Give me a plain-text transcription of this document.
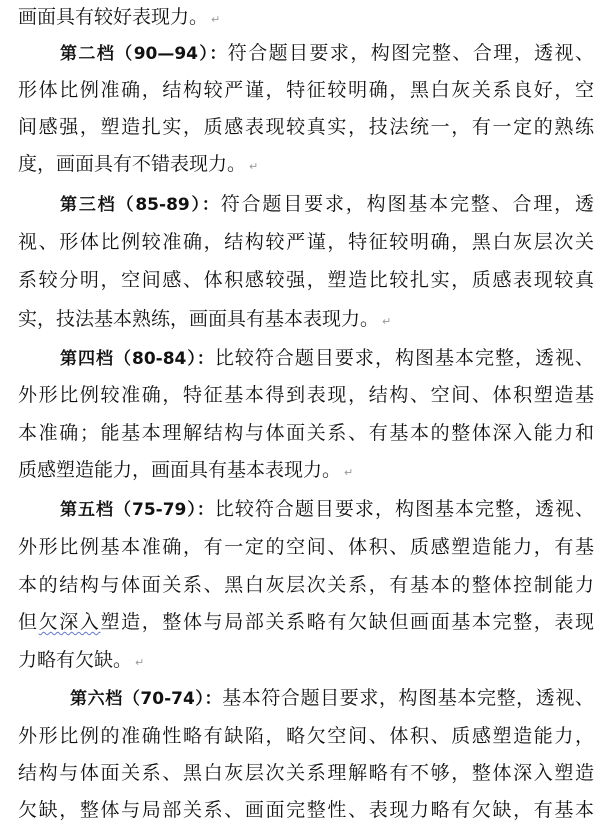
画面具有较好表现力。 ↵
第二档（90—94）：符合题目要求，构图完整、合理，透视、
形体比例准确，结构较严谨，特征较明确，黑白灰关系良好，空
间感强，塑造扎实，质感表现较真实，技法统一，有一定的熟练
度，画面具有不错表现力。 ↵
第三档（85-89）：符合题目要求，构图基本完整、合理，透
视、形体比例较准确，结构较严谨，特征较明确，黑白灰层次关
系较分明，空间感、体积感较强，塑造比较扎实，质感表现较真
实，技法基本熟练，画面具有基本表现力。 ↵
第四档（80-84）：比较符合题目要求，构图基本完整，透视、
外形比例较准确，特征基本得到表现，结构、空间、体积塑造基
本准确；能基本理解结构与体面关系、有基本的整体深入能力和
质感塑造能力，画面具有基本表现力。 ↵
第五档（75-79）：比较符合题目要求，构图基本完整，透视、
外形比例基本准确，有一定的空间、体积、质感塑造能力，有基
本的结构与体面关系、黑白灰层次关系，有基本的整体控制能力
但欠深入塑造，整体与局部关系略有欠缺但画面基本完整，表现
力略有欠缺。 ↵
第六档（70-74）：基本符合题目要求，构图基本完整，透视、
外形比例的准确性略有缺陷，略欠空间、体积、质感塑造能力，
结构与体面关系、黑白灰层次关系理解略有不够，整体深入塑造
欠缺，整体与局部关系、画面完整性、表现力略有欠缺，有基本
